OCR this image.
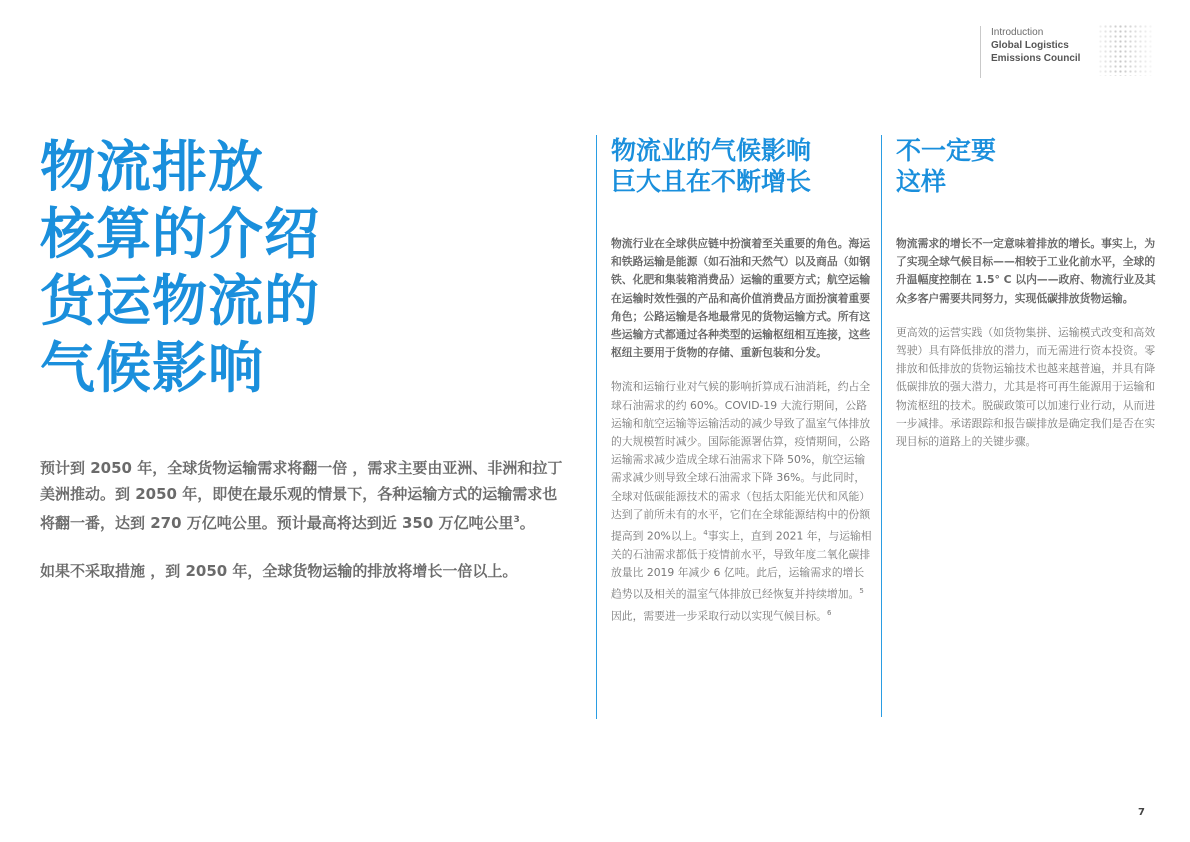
Introduction
Global Logistics
Emissions Council
物流排放
核算的介绍
货运物流的
气候影响

预计到 2050 年，全球货物运输需求将翻一倍 ，需求主要由亚洲、非洲和拉丁美洲推动。到 2050 年，即使在最乐观的情景下，各种运输方式的运输需求也将翻一番，达到 270 万亿吨公里。预计最高将达到近 350 万亿吨公里$^3$。

如果不采取措施 ，到 2050 年，全球货物运输的排放将增长一倍以上。

物流业的气候影响
巨大且在不断增长

物流行业在全球供应链中扮演着至关重要的角色。海运和铁路运输是能源（如石油和天然气）以及商品（如钢铁、化肥和集装箱消费品）运输的重要方式；航空运输在运输时效性强的产品和高价值消费品方面扮演着重要角色；公路运输是各地最常见的货物运输方式。所有这些运输方式都通过各种类型的运输枢纽相互连接，这些枢纽主要用于货物的存储、重新包装和分发。

物流和运输行业对气候的影响折算成石油消耗，约占全球石油需求的约 60%。COVID-19 大流行期间，公路运输和航空运输等运输活动的减少导致了温室气体排放的大规模暂时减少。国际能源署估算，疫情期间，公路运输需求减少造成全球石油需求下降 50%，航空运输需求减少则导致全球石油需求下降 36%。与此同时，全球对低碳能源技术的需求（包括太阳能光伏和风能）达到了前所未有的水平，它们在全球能源结构中的份额提高到 20%以上。$^4$事实上，直到 2021 年，与运输相关的石油需求都低于疫情前水平，导致年度二氧化碳排放量比 2019 年减少 6 亿吨。此后，运输需求的增长趋势以及相关的温室气体排放已经恢复并持续增加。$^5$因此，需要进一步采取行动以实现气候目标。$^6$

不一定要
这样

物流需求的增长不一定意味着排放的增长。事实上，为了实现全球气候目标——相较于工业化前水平，全球的升温幅度控制在 1.5° C 以内——政府、物流行业及其众多客户需要共同努力，实现低碳排放货物运输。

更高效的运营实践（如货物集拼、运输模式改变和高效驾驶）具有降低排放的潜力，而无需进行资本投资。零排放和低排放的货物运输技术也越来越普遍，并具有降低碳排放的强大潜力，尤其是将可再生能源用于运输和物流枢纽的技术。脱碳政策可以加速行业行动，从而进一步减排。承诺跟踪和报告碳排放是确定我们是否在实现目标的道路上的关键步骤。

7
